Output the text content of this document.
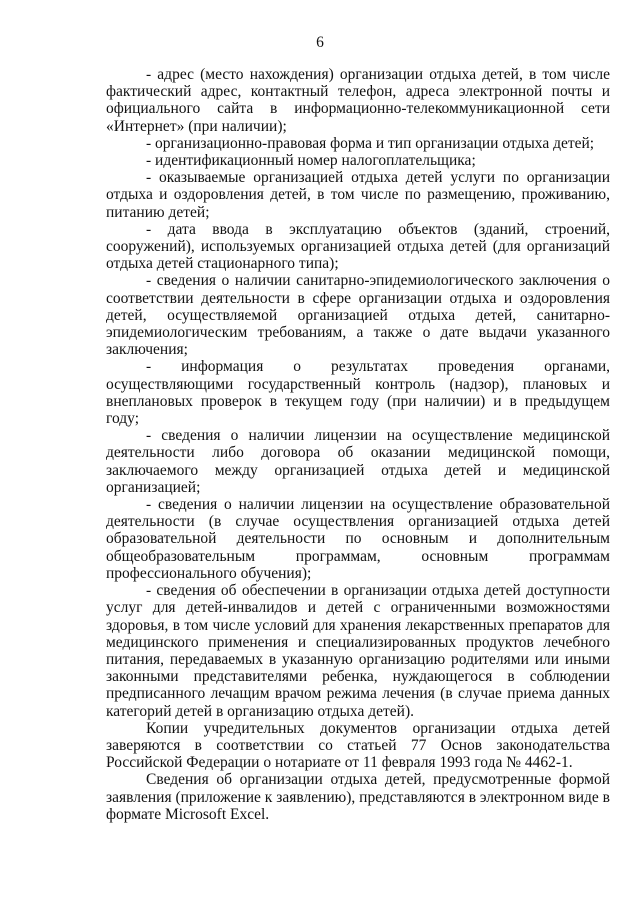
6

- адрес (место нахождения) организации отдыха детей, в том числе фактический адрес, контактный телефон, адреса электронной почты и официального сайта в информационно-телекоммуникационной сети «Интернет» (при наличии);

- организационно-правовая форма и тип организации отдыха детей;

- идентификационный номер налогоплательщика;

- оказываемые организацией отдыха детей услуги по организации отдыха и оздоровления детей, в том числе по размещению, проживанию, питанию детей;

- дата ввода в эксплуатацию объектов (зданий, строений, сооружений), используемых организацией отдыха детей (для организаций отдыха детей стационарного типа);

- сведения о наличии санитарно-эпидемиологического заключения о соответствии деятельности в сфере организации отдыха и оздоровления детей, осуществляемой организацией отдыха детей, санитарно-эпидемиологическим требованиям, а также о дате выдачи указанного заключения;

- информация о результатах проведения органами, осуществляющими государственный контроль (надзор), плановых и внеплановых проверок в текущем году (при наличии) и в предыдущем году;

- сведения о наличии лицензии на осуществление медицинской деятельности либо договора об оказании медицинской помощи, заключаемого между организацией отдыха детей и медицинской организацией;

- сведения о наличии лицензии на осуществление образовательной деятельности (в случае осуществления организацией отдыха детей образовательной деятельности по основным и дополнительным общеобразовательным программам, основным программам профессионального обучения);

- сведения об обеспечении в организации отдыха детей доступности услуг для детей-инвалидов и детей с ограниченными возможностями здоровья, в том числе условий для хранения лекарственных препаратов для медицинского применения и специализированных продуктов лечебного питания, передаваемых в указанную организацию родителями или иными законными представителями ребенка, нуждающегося в соблюдении предписанного лечащим врачом режима лечения (в случае приема данных категорий детей в организацию отдыха детей).

Копии учредительных документов организации отдыха детей заверяются в соответствии со статьей 77 Основ законодательства Российской Федерации о нотариате от 11 февраля 1993 года № 4462-1.

Сведения об организации отдыха детей, предусмотренные формой заявления (приложение к заявлению), представляются в электронном виде в формате Microsoft Excel.
